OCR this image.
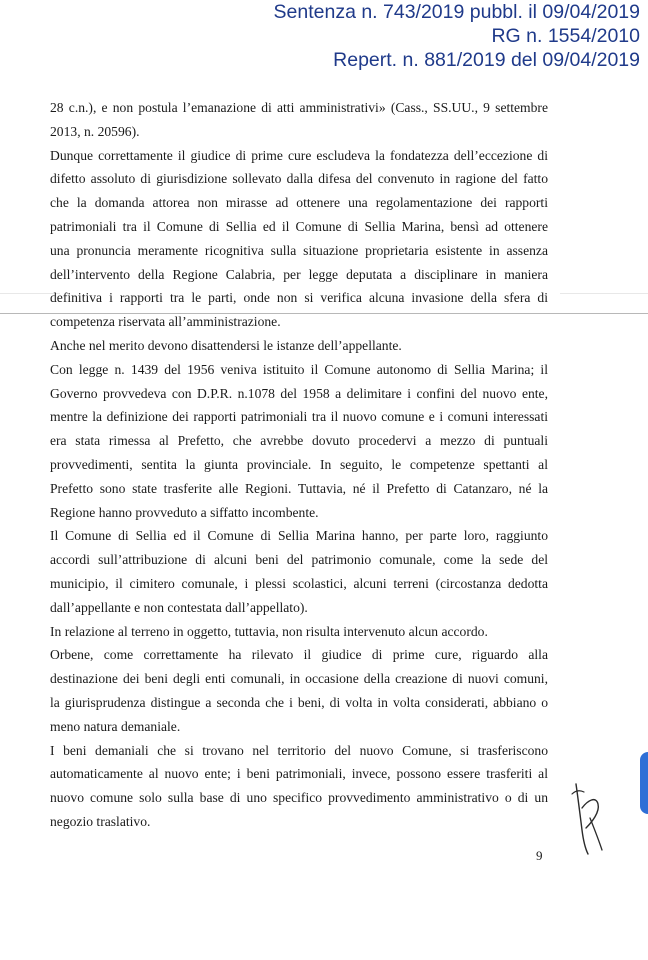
Sentenza n. 743/2019 pubbl. il 09/04/2019
RG n. 1554/2010
Repert. n. 881/2019 del 09/04/2019
28 c.n.), e non postula l’emanazione di atti amministrativi» (Cass., SS.UU., 9 settembre
2013, n. 20596).
Dunque correttamente il giudice di prime cure escludeva la fondatezza dell’eccezione di
difetto assoluto di giurisdizione sollevato dalla difesa del convenuto in ragione del fatto
che la domanda attorea non mirasse ad ottenere una regolamentazione dei rapporti
patrimoniali tra il Comune di Sellia ed il Comune di Sellia Marina, bensì ad ottenere
una pronuncia meramente ricognitiva sulla situazione proprietaria esistente in assenza
dell’intervento della Regione Calabria, per legge deputata a disciplinare in maniera
definitiva i rapporti tra le parti, onde non si verifica alcuna invasione della sfera di
competenza riservata all’amministrazione.
Anche nel merito devono disattendersi le istanze dell’appellante.
Con legge n. 1439 del 1956 veniva istituito il Comune autonomo di Sellia Marina; il
Governo provvedeva con D.P.R. n.1078 del 1958 a delimitare i confini del nuovo ente,
mentre la definizione dei rapporti patrimoniali tra il nuovo comune e i comuni interessati
era stata rimessa al Prefetto, che avrebbe dovuto procedervi a mezzo di puntuali
provvedimenti, sentita la giunta provinciale. In seguito, le competenze spettanti al
Prefetto sono state trasferite alle Regioni. Tuttavia, né il Prefetto di Catanzaro, né la
Regione hanno provveduto a siffatto incombente.
Il Comune di Sellia ed il Comune di Sellia Marina hanno, per parte loro, raggiunto
accordi sull’attribuzione di alcuni beni del patrimonio comunale, come la sede del
municipio, il cimitero comunale, i plessi scolastici, alcuni terreni (circostanza dedotta
dall’appellante e non contestata dall’appellato).
In relazione al terreno in oggetto, tuttavia, non risulta intervenuto alcun accordo.
Orbene, come correttamente ha rilevato il giudice di prime cure, riguardo alla
destinazione dei beni degli enti comunali, in occasione della creazione di nuovi comuni,
la giurisprudenza distingue a seconda che i beni, di volta in volta considerati, abbiano o
meno natura demaniale.
I beni demaniali che si trovano nel territorio del nuovo Comune, si trasferiscono
automaticamente al nuovo ente; i beni patrimoniali, invece, possono essere trasferiti al
nuovo comune solo sulla base di uno specifico provvedimento amministrativo o di un
negozio traslativo.
9
